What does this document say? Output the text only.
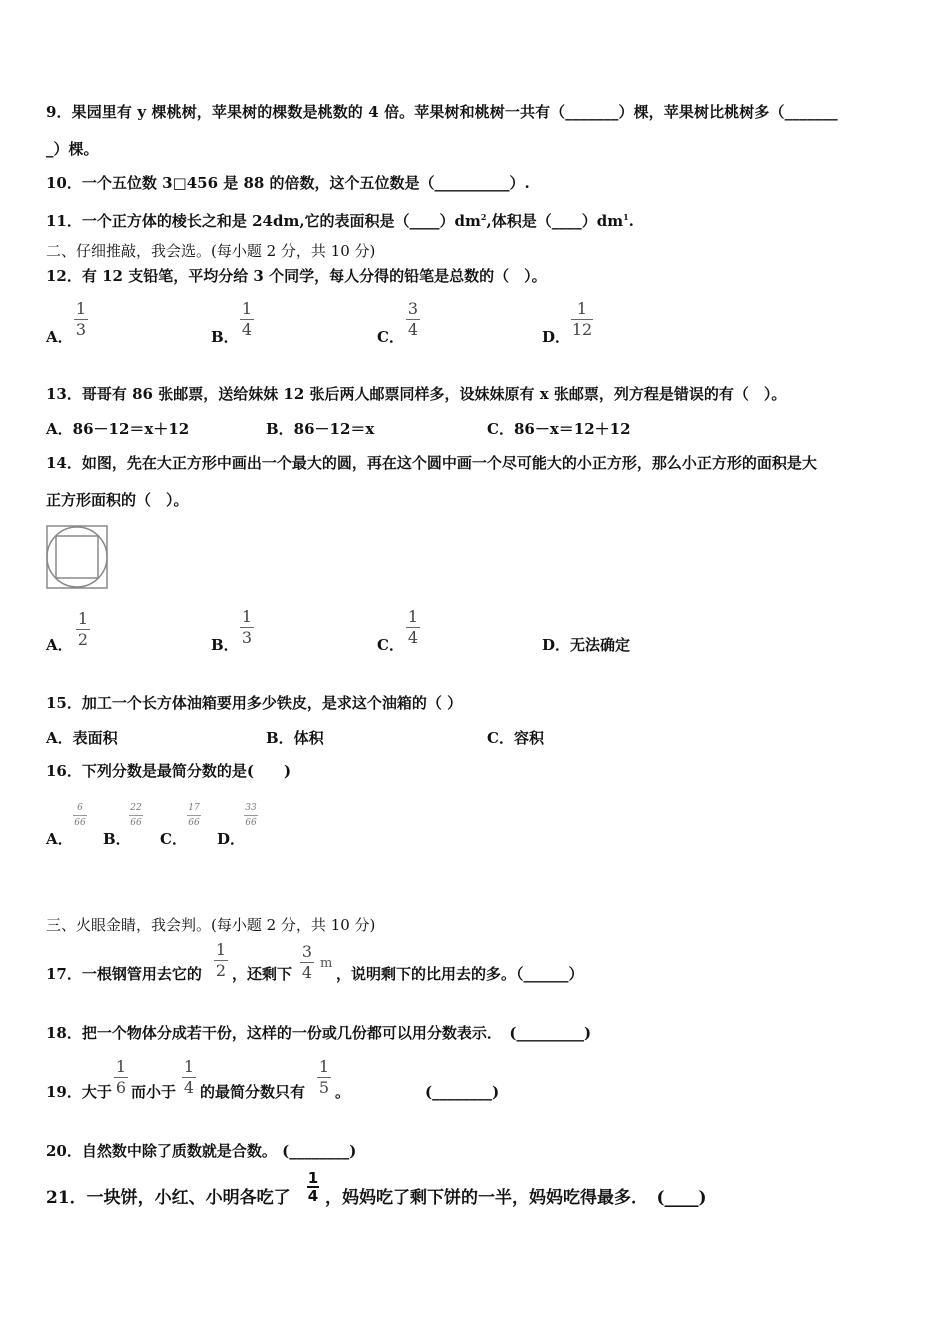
9．果园里有 y 棵桃树，苹果树的棵数是桃数的 4 倍。苹果树和桃树一共有（_______）棵，苹果树比桃树多（_______
_）棵。
10．一个五位数 3□456 是 88 的倍数，这个五位数是（__________）.
11．一个正方体的棱长之和是 24dm,它的表面积是$(\_\_\_\_)dm^2$,体积是$(\_\_\_\_)dm^1$.
二、仔细推敲，我会选。(每小题 2 分，共 10 分)
12．有 12 支铅笔，平均分给 3 个同学，每人分得的铅笔是总数的（　）。
A．
1
3	B．
1
4	C．
3
4	D．
1
12
13．哥哥有 86 张邮票，送给妹妹 12 张后两人邮票同样多，设妹妹原有 x 张邮票，列方程是错误的有（　）。
A．86－12＝x＋12	B．86－12＝x	C．86－x＝12＋12
14．如图，先在大正方形中画出一个最大的圆，再在这个圆中画一个尽可能大的小正方形，那么小正方形的面积是大
正方形面积的（　）。
A．
1
2	B．
1
3	C．
1
4	D．无法确定
15．加工一个长方体油箱要用多少铁皮，是求这个油箱的（ ）
A．表面积	B．体积	C．容积
16．下列分数是最简分数的是(　　)
A．
6
66
B．
22
66
C．
17
66
D．
33
66
三、火眼金睛，我会判。(每小题 2 分，共 10 分)
17．一根钢管用去它的
1
2 ，还剩下
3
4 m
，说明剩下的比用去的多。（______）
18．把一个物体分成若干份，这样的一份或几份都可以用分数表示．　(_________)
19．大于
1
6 而小于
1
4 的最简分数只有
1
5 。	(________)
20．自然数中除了质数就是合数。 (________)
21．一块饼，小红、小明各吃了
1
4 ，妈妈吃了剩下饼的一半，妈妈吃得最多．　(____)
